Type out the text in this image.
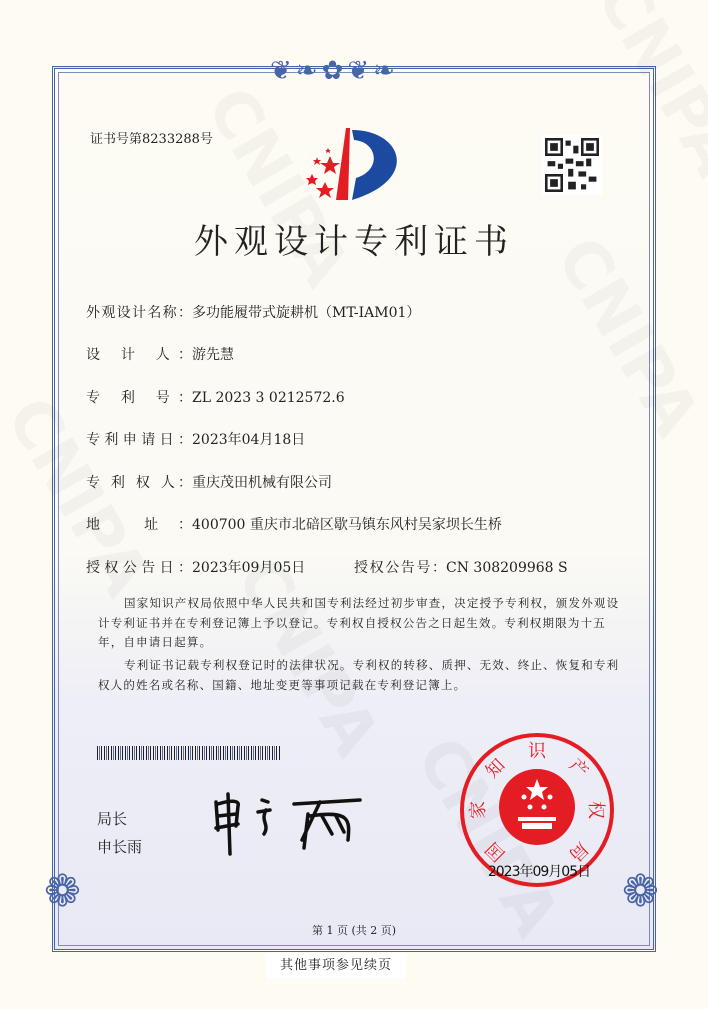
❦❧✿❦❧
❁	❁
证书号第8233288号
外观设计专利证书
外观设计名称：多功能履带式旋耕机（MT-IAM01）
设 计 人：游先慧
专 利 号：ZL 2023 3 0212572.6
专利申请日：2023年04月18日
专 利 权 人：重庆茂田机械有限公司
地 址：400700 重庆市北碚区歇马镇东风村吴家坝长生桥
授权公告日：2023年09月05日	授权公告号：CN 308209968 S
国家知识产权局依照中华人民共和国专利法经过初步审查，决定授予专利权，颁发外观设计专利证书并在专利登记簿上予以登记。专利权自授权公告之日起生效。专利权期限为十五年，自申请日起算。
专利证书记载专利权登记时的法律状况。专利权的转移、质押、无效、终止、恢复和专利权人的姓名或名称、国籍、地址变更等事项记载在专利登记簿上。
局长
申长雨	国
家
知
识
产
权
局
2023年09月05日
第 1 页 (共 2 页)
其他事项参见续页
